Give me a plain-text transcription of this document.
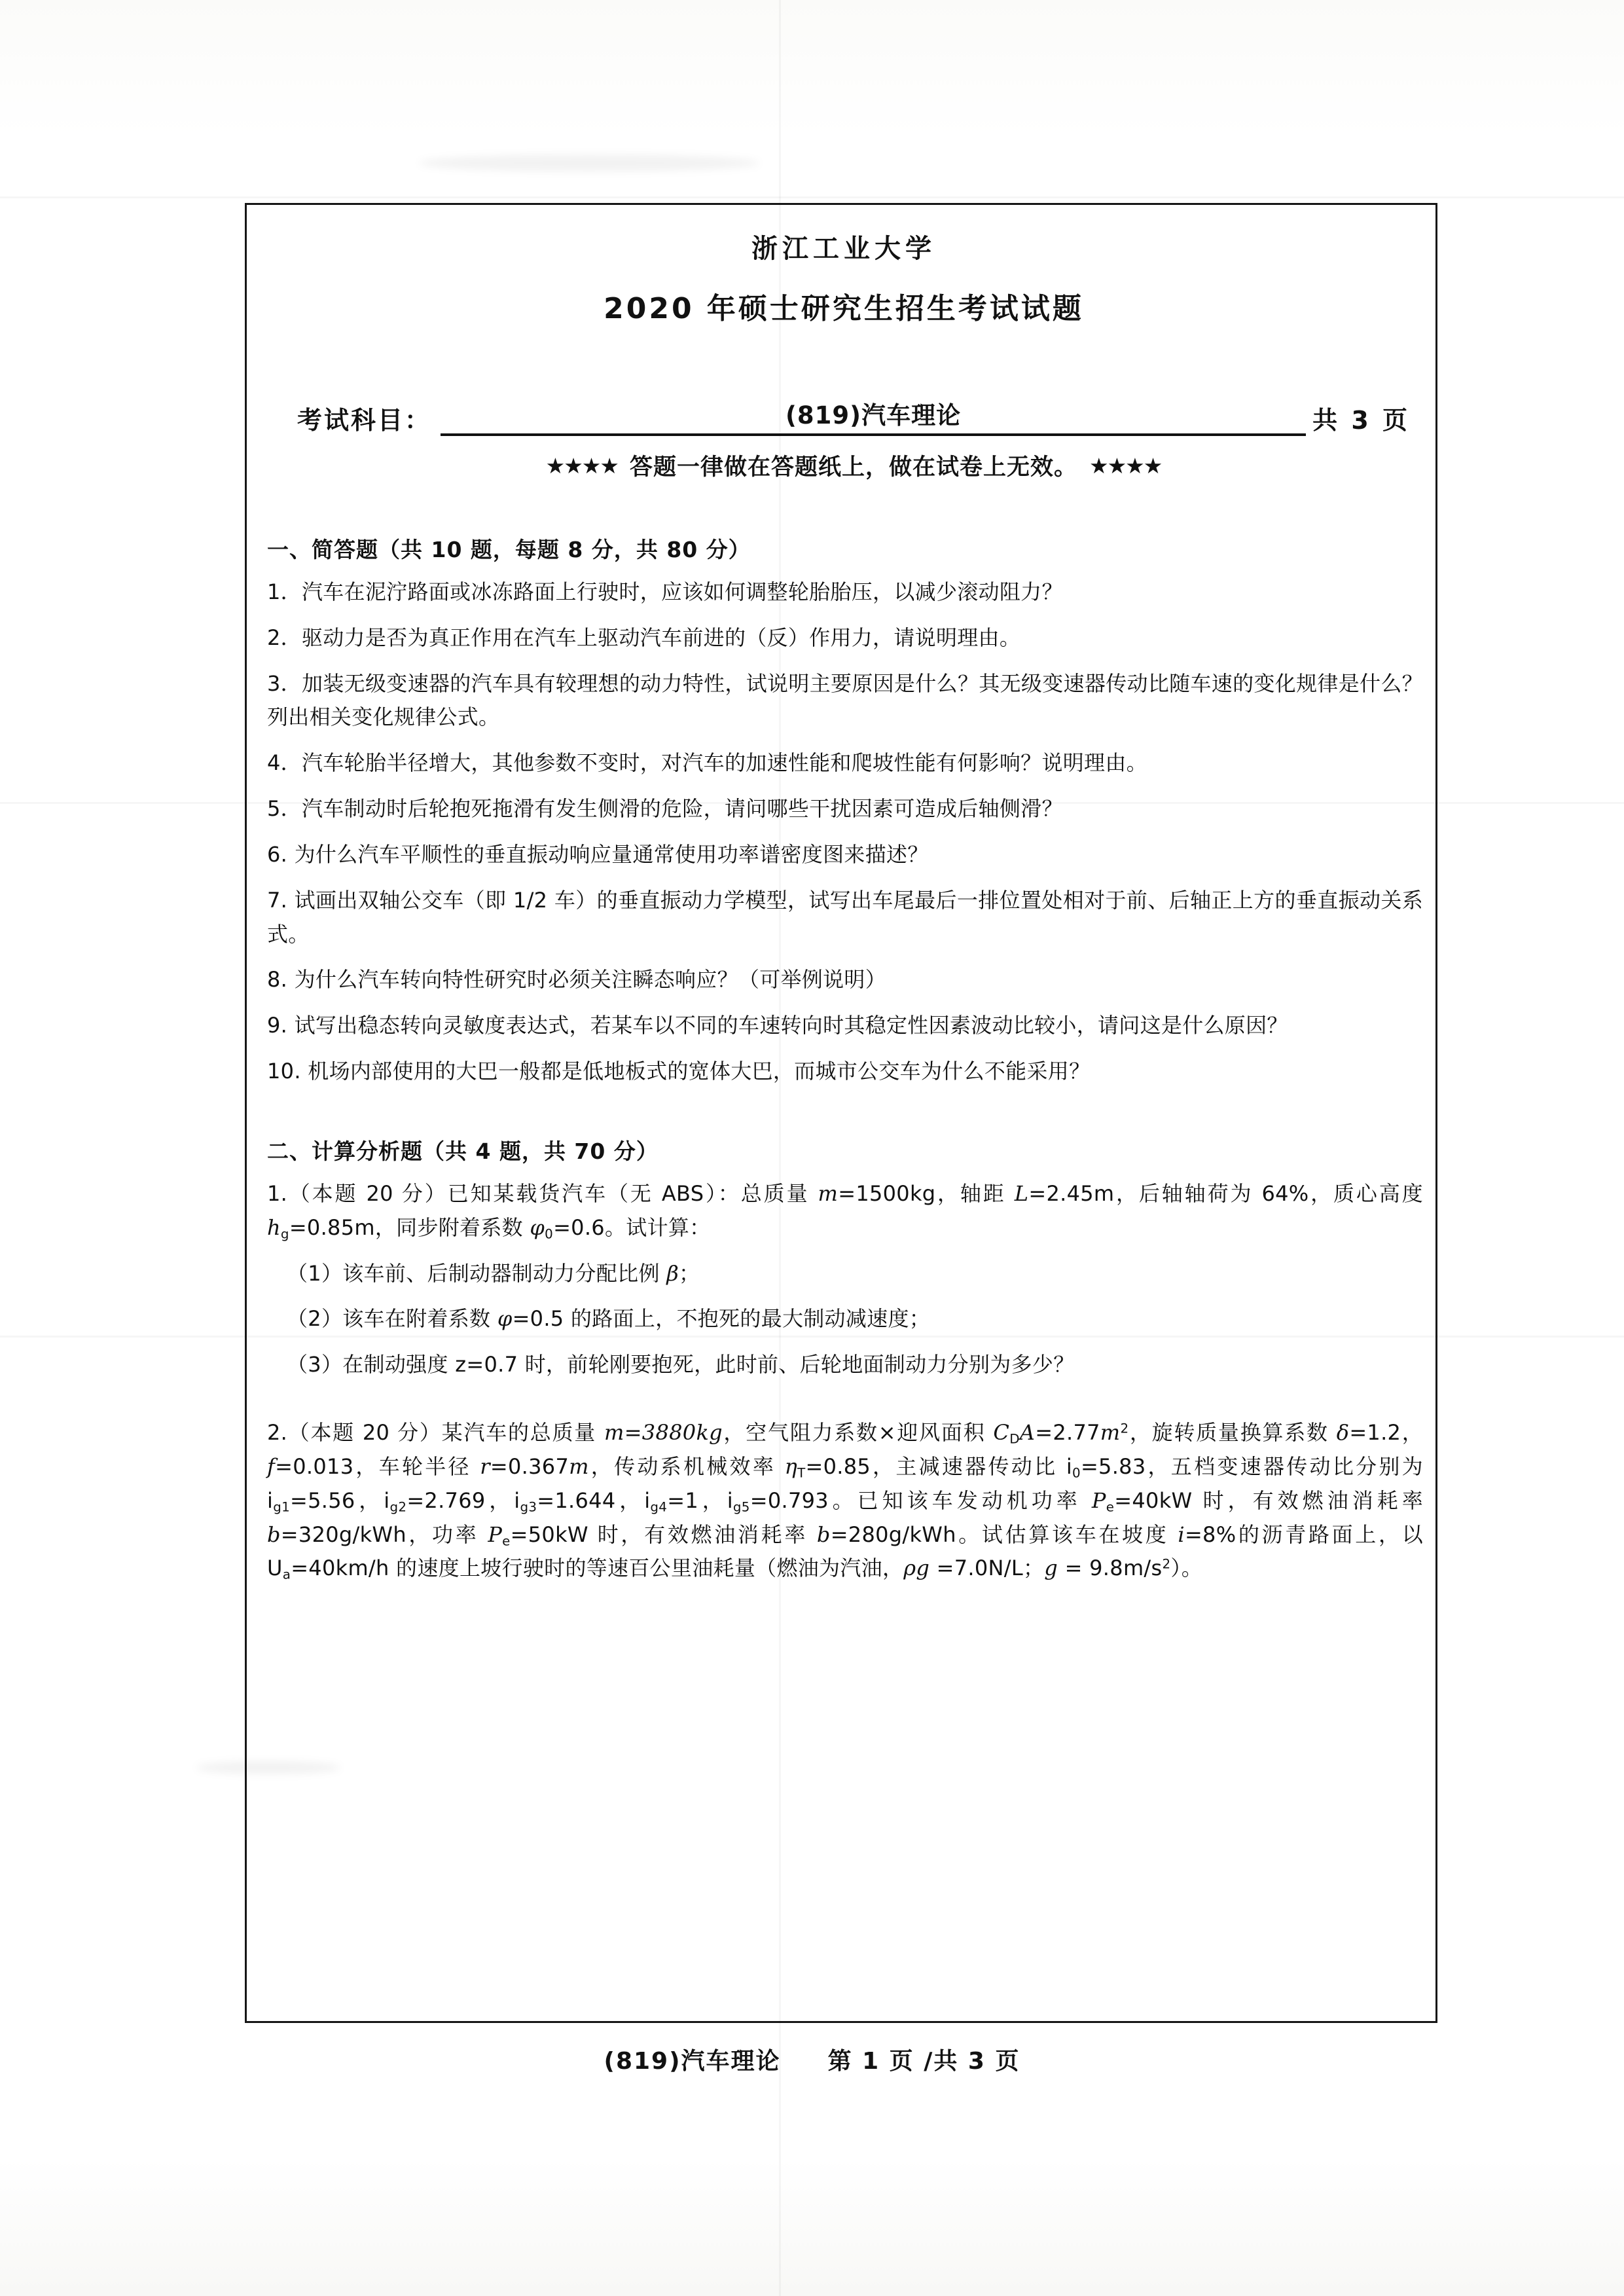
浙江工业大学
2020 年硕士研究生招生考试试题
考试科目：	(819)汽车理论	共 3 页
★★★★ 答题一律做在答题纸上，做在试卷上无效。 ★★★★
一、简答题（共 10 题，每题 8 分，共 80 分）
1．汽车在泥泞路面或冰冻路面上行驶时，应该如何调整轮胎胎压，以减少滚动阻力？
2．驱动力是否为真正作用在汽车上驱动汽车前进的（反）作用力，请说明理由。
3．加装无级变速器的汽车具有较理想的动力特性，试说明主要原因是什么？其无级变速器传动比随车速的变化规律是什么？列出相关变化规律公式。
4．汽车轮胎半径增大，其他参数不变时，对汽车的加速性能和爬坡性能有何影响？说明理由。
5．汽车制动时后轮抱死拖滑有发生侧滑的危险，请问哪些干扰因素可造成后轴侧滑？
6. 为什么汽车平顺性的垂直振动响应量通常使用功率谱密度图来描述？
7. 试画出双轴公交车（即 1/2 车）的垂直振动力学模型，试写出车尾最后一排位置处相对于前、后轴正上方的垂直振动关系式。
8. 为什么汽车转向特性研究时必须关注瞬态响应？（可举例说明）
9. 试写出稳态转向灵敏度表达式，若某车以不同的车速转向时其稳定性因素波动比较小，请问这是什么原因？
10. 机场内部使用的大巴一般都是低地板式的宽体大巴，而城市公交车为什么不能采用？
二、计算分析题（共 4 题，共 70 分）
1.（本题 20 分）已知某载货汽车（无 ABS）：总质量 m=1500kg，轴距 L=2.45m，后轴轴荷为 64%，质心高度 $h_g=0.85m$，同步附着系数 $\varphi_0=0.6$。试计算：
（1）该车前、后制动器制动力分配比例 β；
（2）该车在附着系数 φ=0.5 的路面上，不抱死的最大制动减速度；
（3）在制动强度 z=0.7 时，前轮刚要抱死，此时前、后轮地面制动力分别为多少？
2.（本题 20 分）某汽车的总质量 m=3880kg，空气阻力系数×迎风面积 $C_DA=2.77m^2$，旋转质量换算系数 δ=1.2，f=0.013，车轮半径 r=0.367m，传动系机械效率 $\eta_T=0.85$，主减速器传动比 $i_0=5.83$，五档变速器传动比分别为 $i_{g1}=5.56$，$i_{g2}=2.769$，$i_{g3}=1.644$，$i_{g4}=1$，$i_{g5}=0.793$。已知该车发动机功率 $P_e=40kW$ 时，有效燃油消耗率 b=320g/kWh，功率 $P_e=50kW$ 时，有效燃油消耗率 b=280g/kWh。试估算该车在坡度 i=8%的沥青路面上，以 $U_a=40km/h$ 的速度上坡行驶时的等速百公里油耗量（燃油为汽油，ρg =7.0N/L；$g = 9.8m/s^2$）。
(819)汽车理论 第 1 页 /共 3 页
